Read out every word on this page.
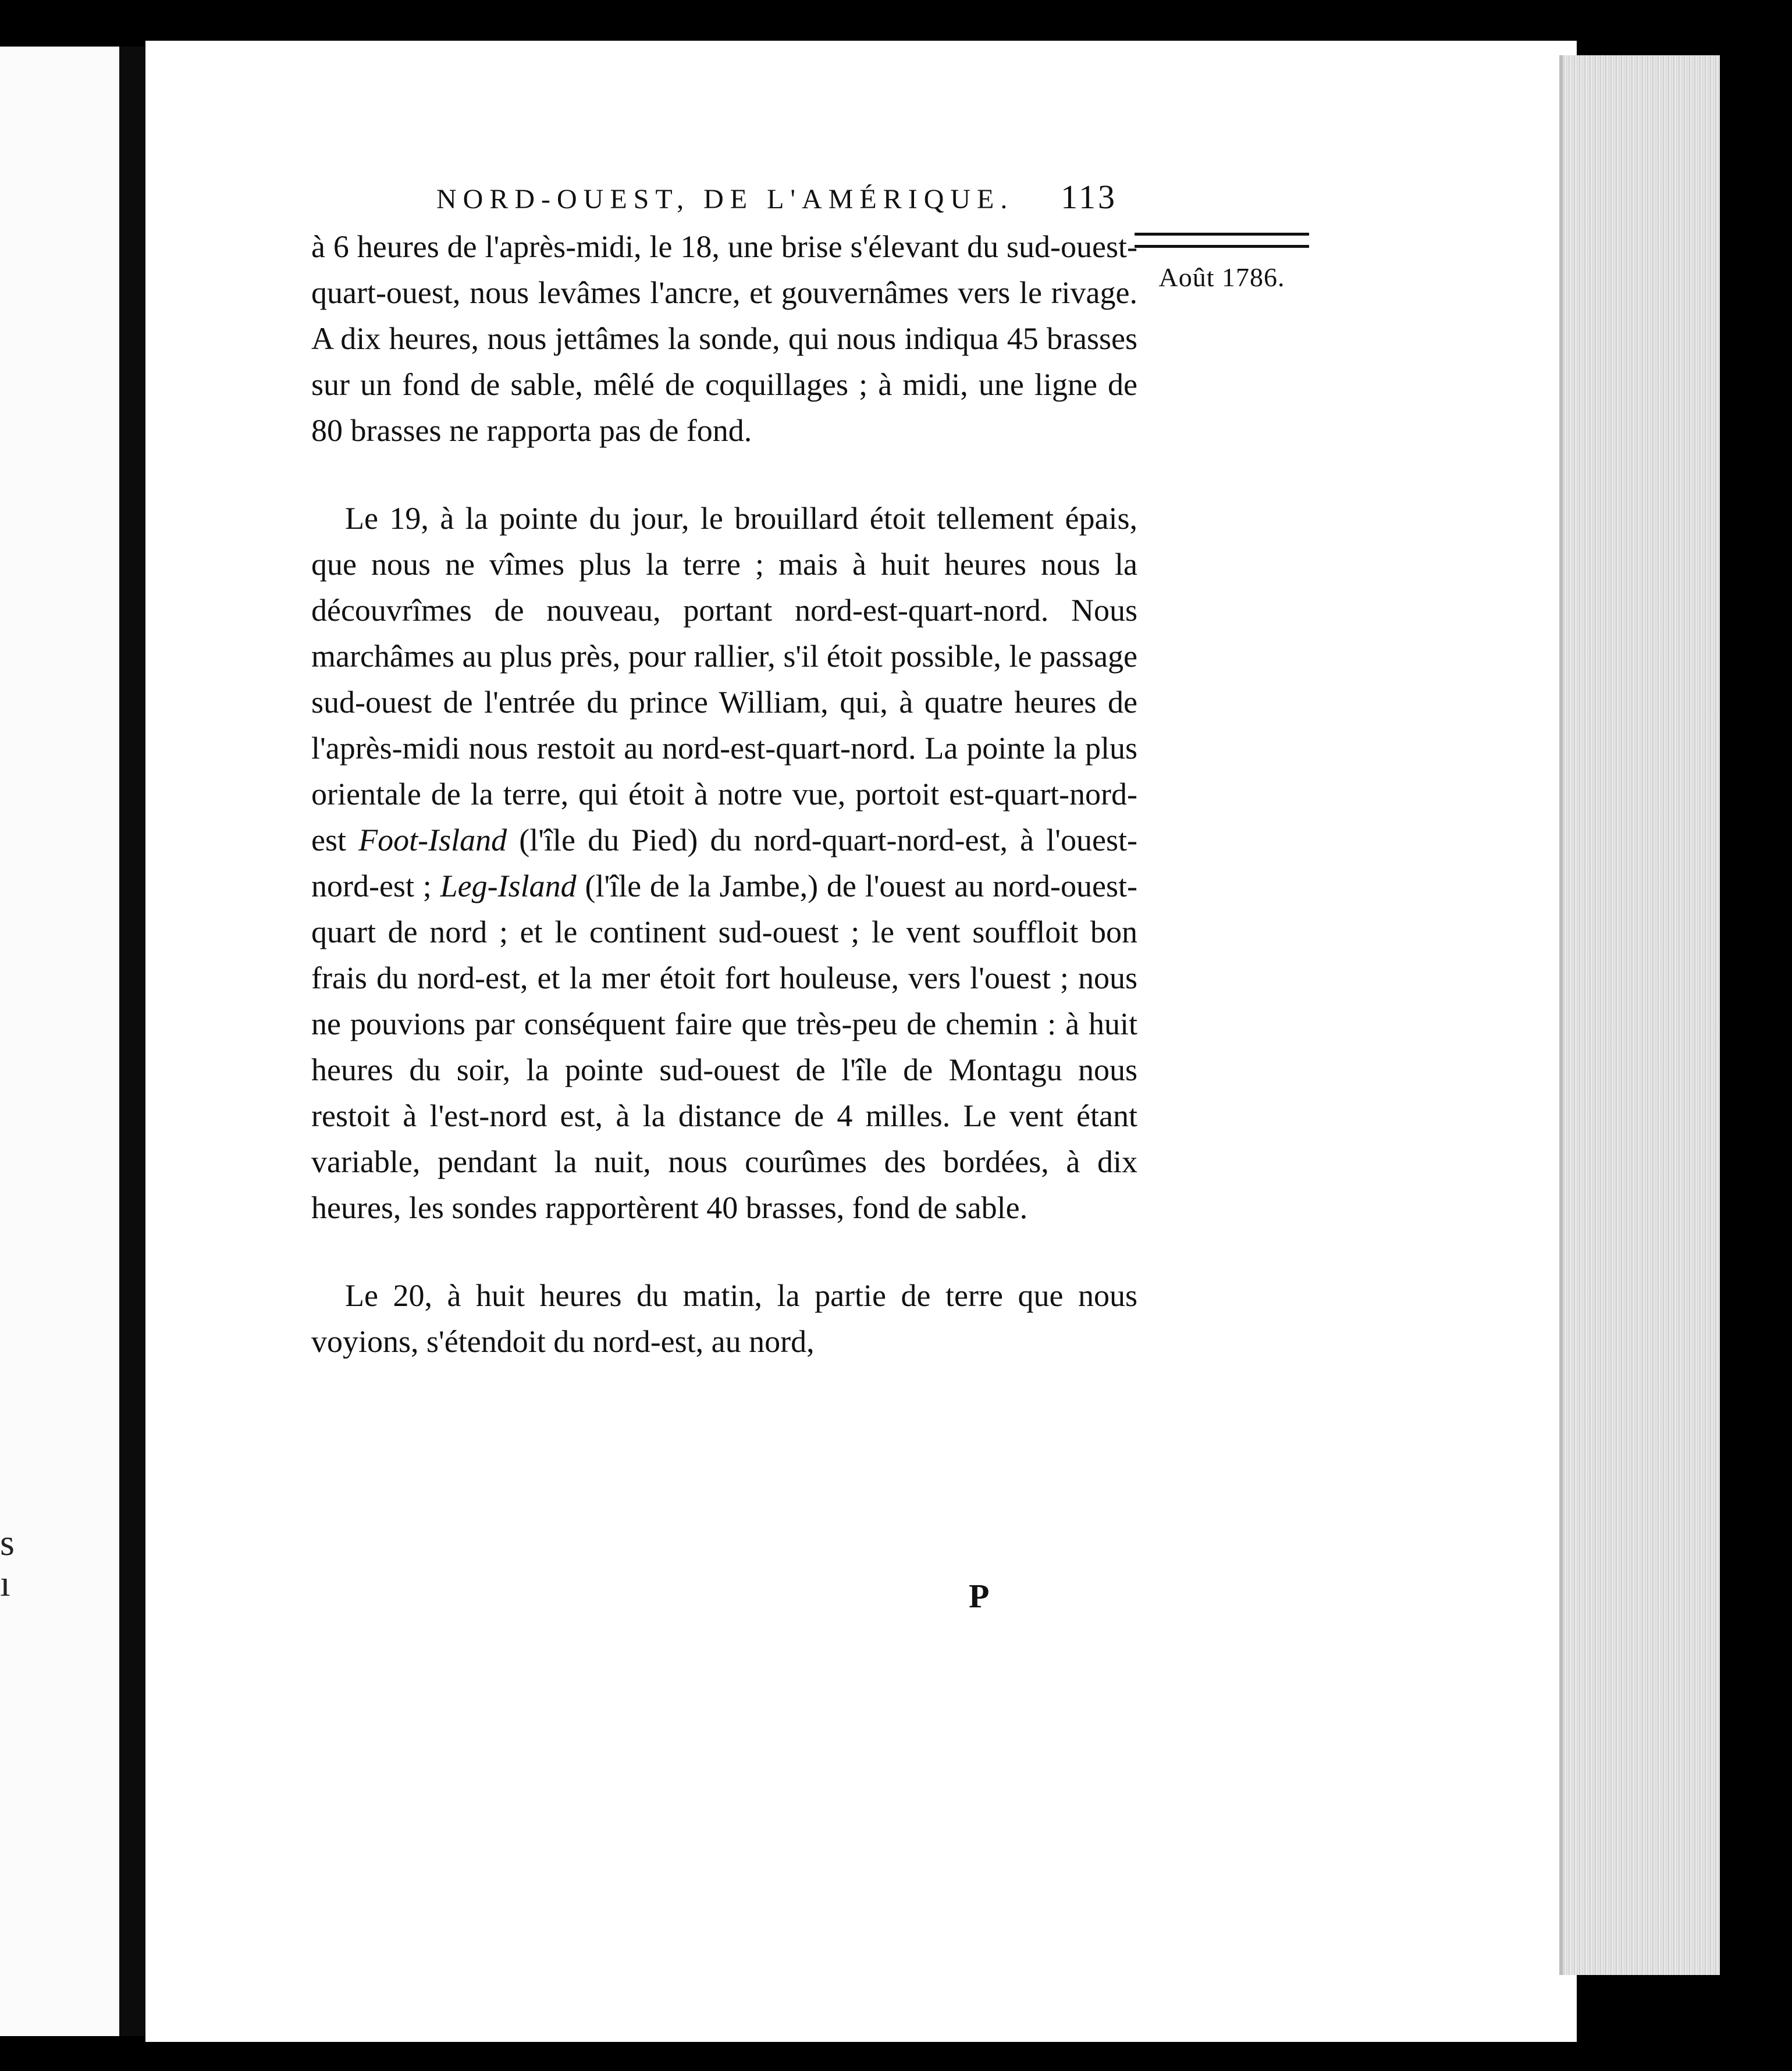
s
ı
NORD-OUEST, DE L'AMÉRIQUE. 113
Août 1786.

à 6 heures de l'après-midi, le 18, une brise s'élevant du sud-ouest-quart-ouest, nous levâmes l'ancre, et gouvernâmes vers le rivage. A dix heures, nous jettâmes la sonde, qui nous indiqua 45 brasses sur un fond de sable, mêlé de coquillages ; à midi, une ligne de 80 brasses ne rapporta pas de fond.

Le 19, à la pointe du jour, le brouillard étoit tellement épais, que nous ne vîmes plus la terre ; mais à huit heures nous la découvrîmes de nouveau, portant nord-est-quart-nord. Nous marchâmes au plus près, pour rallier, s'il étoit possible, le passage sud-ouest de l'entrée du prince William, qui, à quatre heures de l'après-midi nous restoit au nord-est-quart-nord. La pointe la plus orientale de la terre, qui étoit à notre vue, portoit est-quart-nord-est Foot-Island (l'île du Pied) du nord-quart-nord-est, à l'ouest-nord-est ; Leg-Island (l'île de la Jambe,) de l'ouest au nord-ouest-quart de nord ; et le continent sud-ouest ; le vent souffloit bon frais du nord-est, et la mer étoit fort houleuse, vers l'ouest ; nous ne pouvions par conséquent faire que très-peu de chemin : à huit heures du soir, la pointe sud-ouest de l'île de Montagu nous restoit à l'est-nord est, à la distance de 4 milles. Le vent étant variable, pendant la nuit, nous courûmes des bordées, à dix heures, les sondes rapportèrent 40 brasses, fond de sable.

Le 20, à huit heures du matin, la partie de terre que nous voyions, s'étendoit du nord-est, au nord,

P
